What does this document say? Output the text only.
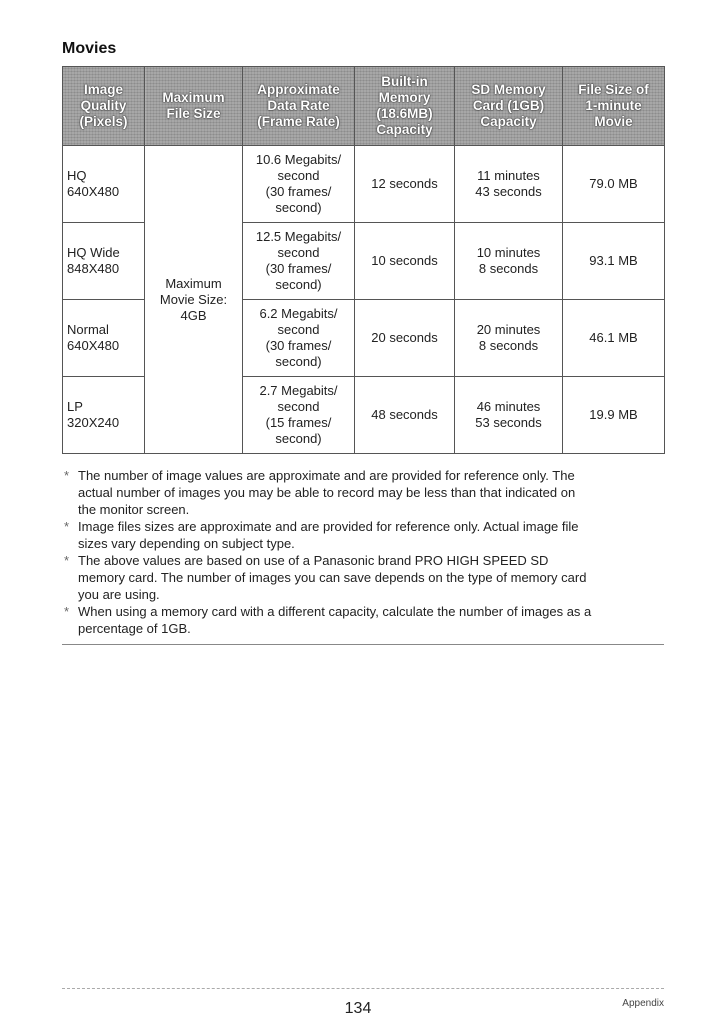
Movies
Image
Quality
(Pixels)	Maximum
File Size	Approximate
Data Rate
(Frame Rate)	Built-in
Memory
(18.6MB)
Capacity	SD Memory
Card (1GB)
Capacity	File Size of
1-minute
Movie

HQ
640X480	Maximum
Movie Size:
4GB	10.6 Megabits/
second
(30 frames/
second)	12 seconds	11 minutes
43 seconds	79.0 MB

HQ Wide
848X480		12.5 Megabits/
second
(30 frames/
second)	10 seconds	10 minutes
8 seconds	93.1 MB

Normal
640X480		6.2 Megabits/
second
(30 frames/
second)	20 seconds	20 minutes
8 seconds	46.1 MB

LP
320X240		2.7 Megabits/
second
(15 frames/
second)	48 seconds	46 minutes
53 seconds	19.9 MB
* The number of image values are approximate and are provided for reference only. The
actual number of images you may be able to record may be less than that indicated on
the monitor screen.
* Image files sizes are approximate and are provided for reference only. Actual image file
sizes vary depending on subject type.
* The above values are based on use of a Panasonic brand PRO HIGH SPEED SD
memory card. The number of images you can save depends on the type of memory card
you are using.
* When using a memory card with a different capacity, calculate the number of images as a
percentage of 1GB.
134	Appendix
